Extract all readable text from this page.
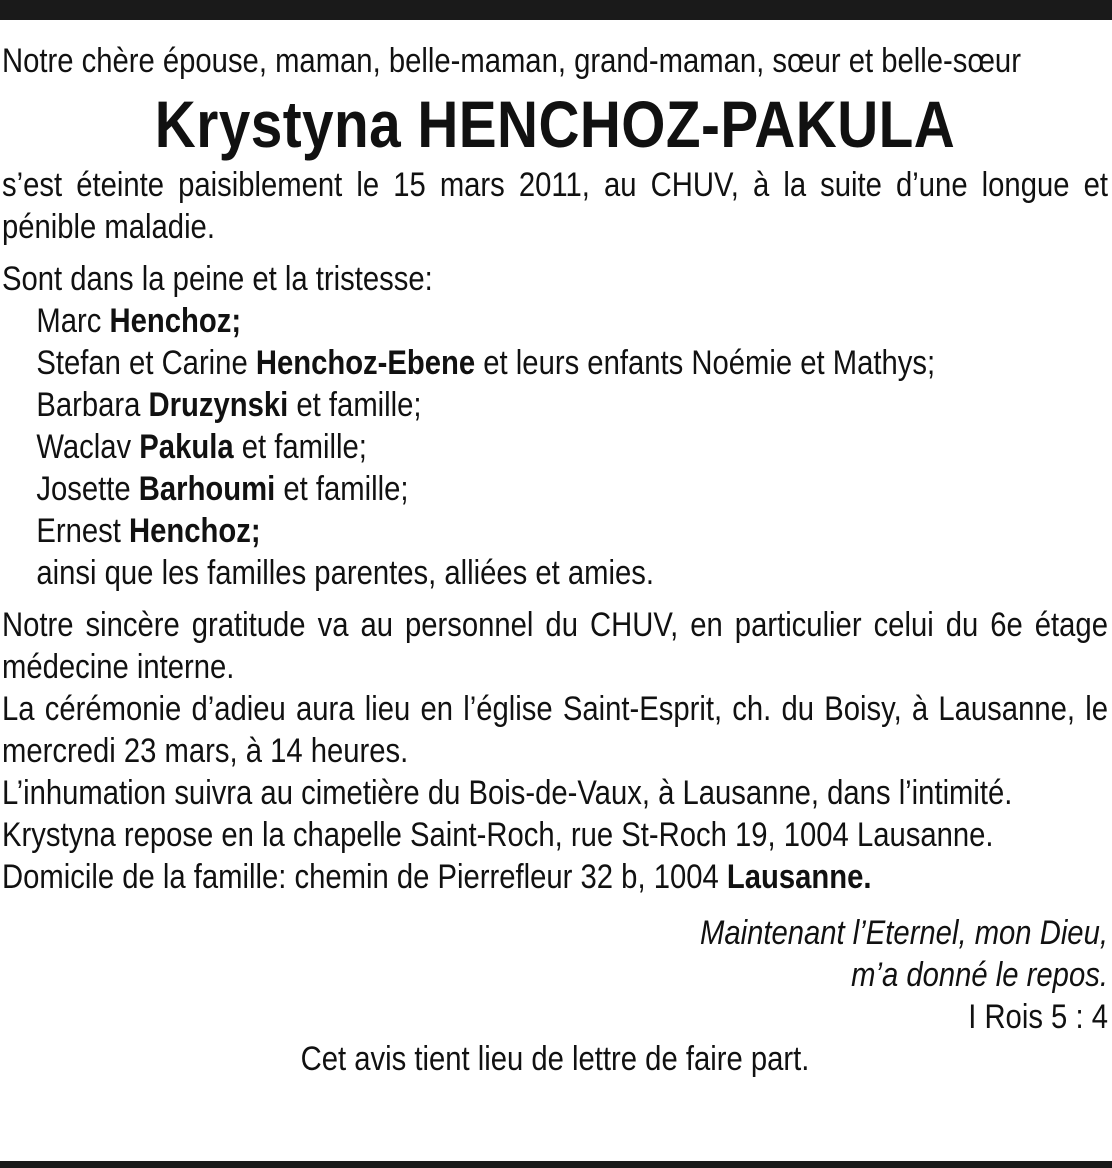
Notre chère épouse, maman, belle-maman, grand-maman, sœur et belle-sœur

Krystyna HENCHOZ-PAKULA

s’est éteinte paisiblement le 15 mars 2011, au CHUV, à la suite d’une longue et pénible maladie.

Sont dans la peine et la tristesse:

Marc Henchoz;
Stefan et Carine Henchoz-Ebene et leurs enfants Noémie et Mathys;
Barbara Druzynski et famille;
Waclav Pakula et famille;
Josette Barhoumi et famille;
Ernest Henchoz;
ainsi que les familles parentes, alliées et amies.

Notre sincère gratitude va au personnel du CHUV, en particulier celui du 6e étage médecine interne.

La cérémonie d’adieu aura lieu en l’église Saint-Esprit, ch. du Boisy, à Lausanne, le mercredi 23 mars, à 14 heures.

L’inhumation suivra au cimetière du Bois-de-Vaux, à Lausanne, dans l’intimité.

Krystyna repose en la chapelle Saint-Roch, rue St-Roch 19, 1004 Lausanne.

Domicile de la famille: chemin de Pierrefleur 32 b, 1004 Lausanne.

Maintenant l’Eternel, mon Dieu,

m’a donné le repos.

I Rois 5 : 4

Cet avis tient lieu de lettre de faire part.
